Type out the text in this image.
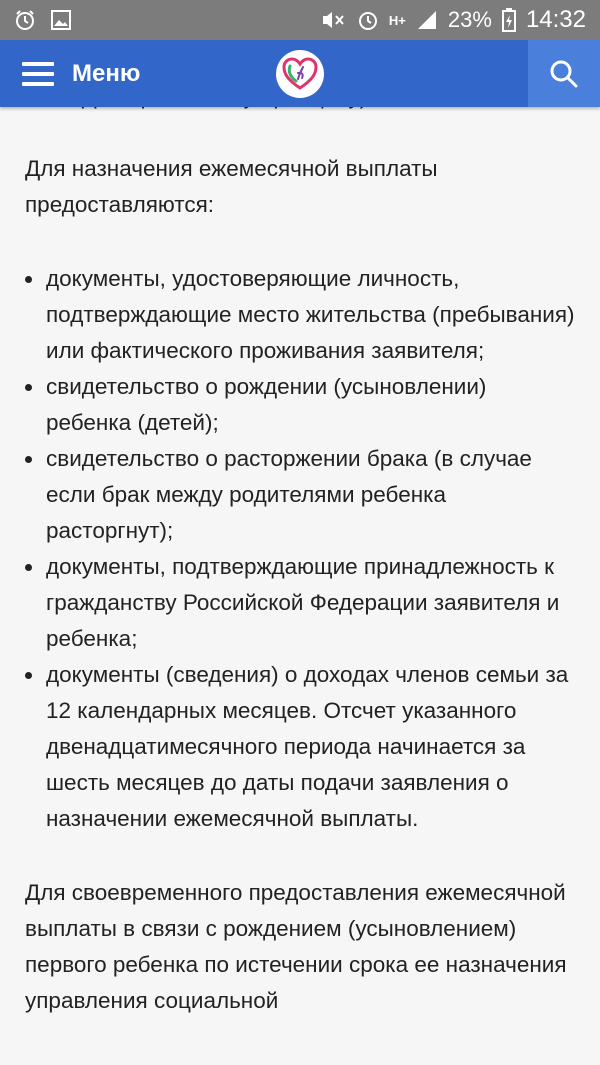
H+ 23% 14:32
Меню

Для назначения ежемесячной выплаты предоставляются:

документы, удостоверяющие личность, подтверждающие место жительства (пребывания) или фактического проживания заявителя;
свидетельство о рождении (усыновлении) ребенка (детей);
свидетельство о расторжении брака (в случае если брак между родителями ребенка расторгнут);
документы, подтверждающие принадлежность к гражданству Российской Федерации заявителя и ребенка;
документы (сведения) о доходах членов семьи за 12 календарных месяцев. Отсчет указанного двенадцатимесячного периода начинается за шесть месяцев до даты подачи заявления о назначении ежемесячной выплаты.

Для своевременного предоставления ежемесячной выплаты в связи с рождением (усыновлением) первого ребенка по истечении срока ее назначения управления социальной
